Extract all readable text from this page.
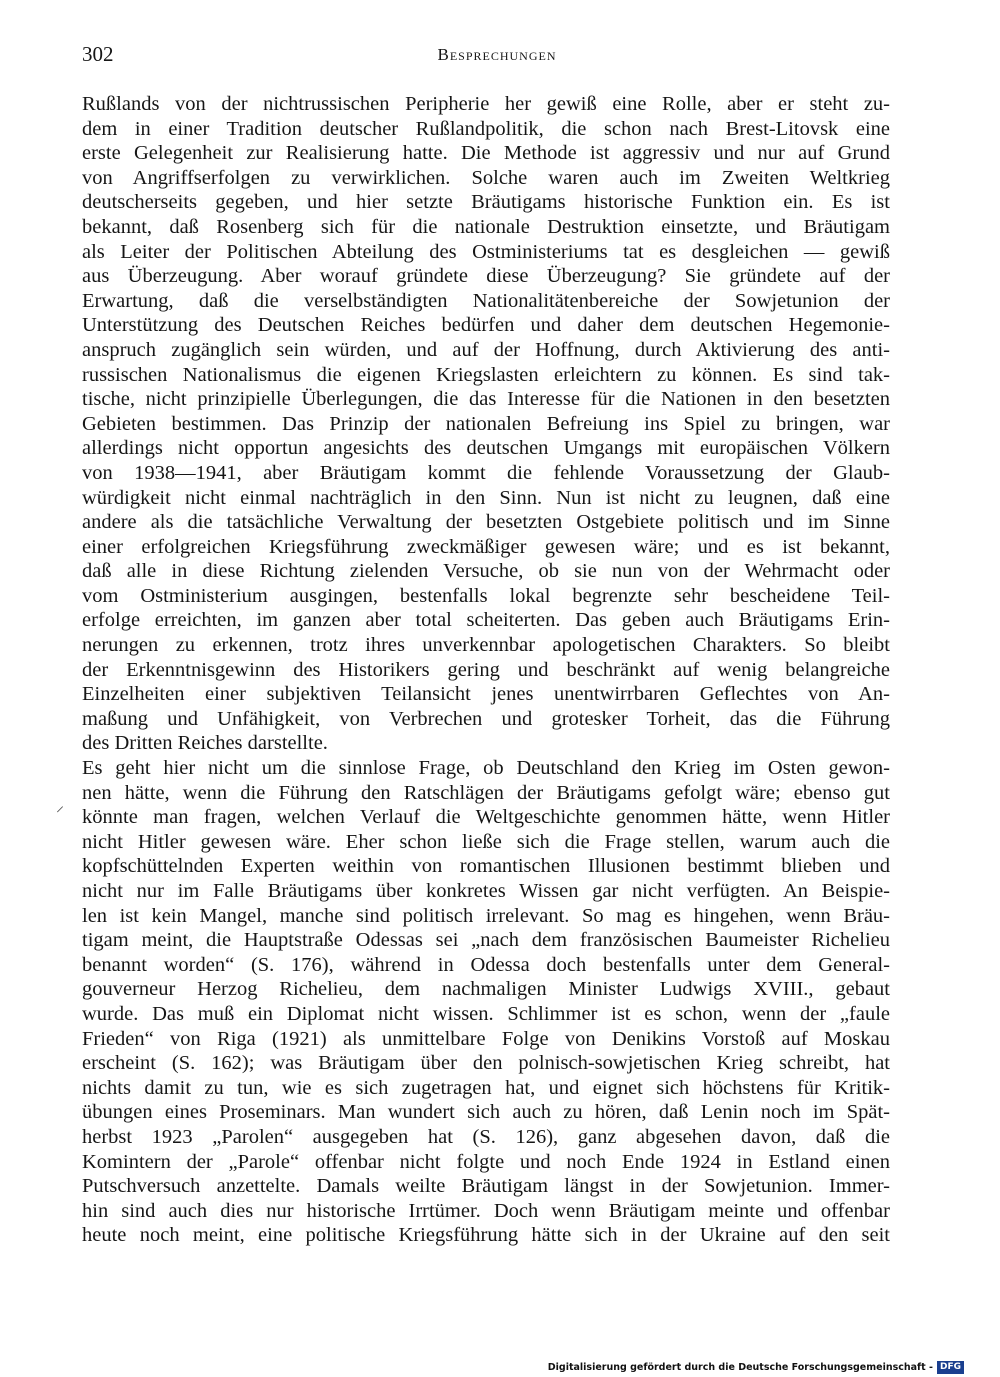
302	Besprechungen
⸝
Rußlands von der nichtrussischen Peripherie her gewiß eine Rolle, aber er steht zu-
dem in einer Tradition deutscher Rußlandpolitik, die schon nach Brest-Litovsk eine
erste Gelegenheit zur Realisierung hatte. Die Methode ist aggressiv und nur auf Grund
von Angriffserfolgen zu verwirklichen. Solche waren auch im Zweiten Weltkrieg
deutscherseits gegeben, und hier setzte Bräutigams historische Funktion ein. Es ist
bekannt, daß Rosenberg sich für die nationale Destruktion einsetzte, und Bräutigam
als Leiter der Politischen Abteilung des Ostministeriums tat es desgleichen — gewiß
aus Überzeugung. Aber worauf gründete diese Überzeugung? Sie gründete auf der
Erwartung, daß die verselbständigten Nationalitätenbereiche der Sowjetunion der
Unterstützung des Deutschen Reiches bedürfen und daher dem deutschen Hegemonie-
anspruch zugänglich sein würden, und auf der Hoffnung, durch Aktivierung des anti-
russischen Nationalismus die eigenen Kriegslasten erleichtern zu können. Es sind tak-
tische, nicht prinzipielle Überlegungen, die das Interesse für die Nationen in den besetzten
Gebieten bestimmen. Das Prinzip der nationalen Befreiung ins Spiel zu bringen, war
allerdings nicht opportun angesichts des deutschen Umgangs mit europäischen Völkern
von 1938—1941, aber Bräutigam kommt die fehlende Voraussetzung der Glaub-
würdigkeit nicht einmal nachträglich in den Sinn. Nun ist nicht zu leugnen, daß eine
andere als die tatsächliche Verwaltung der besetzten Ostgebiete politisch und im Sinne
einer erfolgreichen Kriegsführung zweckmäßiger gewesen wäre; und es ist bekannt,
daß alle in diese Richtung zielenden Versuche, ob sie nun von der Wehrmacht oder
vom Ostministerium ausgingen, bestenfalls lokal begrenzte sehr bescheidene Teil-
erfolge erreichten, im ganzen aber total scheiterten. Das geben auch Bräutigams Erin-
nerungen zu erkennen, trotz ihres unverkennbar apologetischen Charakters. So bleibt
der Erkenntnisgewinn des Historikers gering und beschränkt auf wenig belangreiche
Einzelheiten einer subjektiven Teilansicht jenes unentwirrbaren Geflechtes von An-
maßung und Unfähigkeit, von Verbrechen und grotesker Torheit, das die Führung
des Dritten Reiches darstellte.
Es geht hier nicht um die sinnlose Frage, ob Deutschland den Krieg im Osten gewon-
nen hätte, wenn die Führung den Ratschlägen der Bräutigams gefolgt wäre; ebenso gut
könnte man fragen, welchen Verlauf die Weltgeschichte genommen hätte, wenn Hitler
nicht Hitler gewesen wäre. Eher schon ließe sich die Frage stellen, warum auch die
kopfschüttelnden Experten weithin von romantischen Illusionen bestimmt blieben und
nicht nur im Falle Bräutigams über konkretes Wissen gar nicht verfügten. An Beispie-
len ist kein Mangel, manche sind politisch irrelevant. So mag es hingehen, wenn Bräu-
tigam meint, die Hauptstraße Odessas sei „nach dem französischen Baumeister Richelieu
benannt worden“ (S. 176), während in Odessa doch bestenfalls unter dem General-
gouverneur Herzog Richelieu, dem nachmaligen Minister Ludwigs XVIII., gebaut
wurde. Das muß ein Diplomat nicht wissen. Schlimmer ist es schon, wenn der „faule
Frieden“ von Riga (1921) als unmittelbare Folge von Denikins Vorstoß auf Moskau
erscheint (S. 162); was Bräutigam über den polnisch-sowjetischen Krieg schreibt, hat
nichts damit zu tun, wie es sich zugetragen hat, und eignet sich höchstens für Kritik-
übungen eines Proseminars. Man wundert sich auch zu hören, daß Lenin noch im Spät-
herbst 1923 „Parolen“ ausgegeben hat (S. 126), ganz abgesehen davon, daß die
Komintern der „Parole“ offenbar nicht folgte und noch Ende 1924 in Estland einen
Putschversuch anzettelte. Damals weilte Bräutigam längst in der Sowjetunion. Immer-
hin sind auch dies nur historische Irrtümer. Doch wenn Bräutigam meinte und offenbar
heute noch meint, eine politische Kriegsführung hätte sich in der Ukraine auf den seit
Digitalisierung gefördert durch die Deutsche Forschungsgemeinschaft - DFG
